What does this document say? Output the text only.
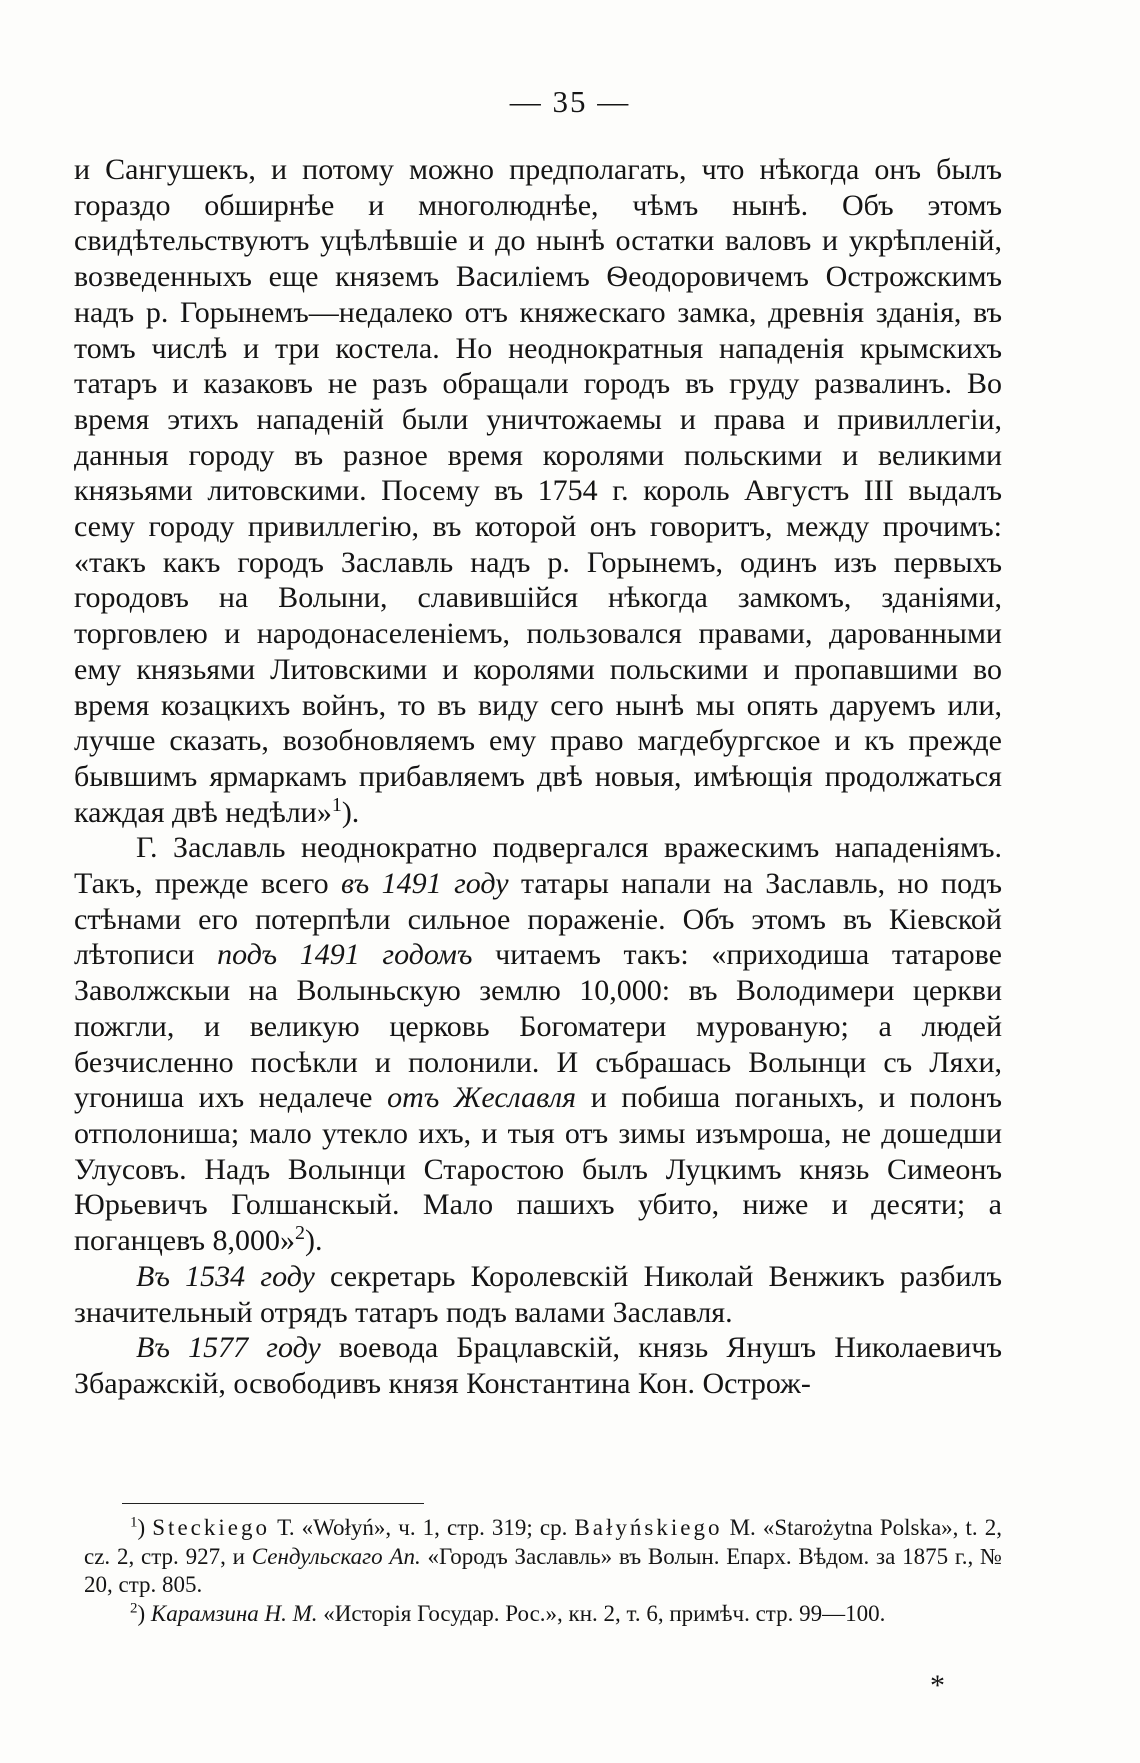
— 35 —

и Сангушекъ, и потому можно предполагать, что нѣкогда онъ былъ гораздо обширнѣе и многолюднѣе, чѣмъ нынѣ. Объ этомъ свидѣтельствуютъ уцѣлѣвшіе и до нынѣ остатки валовъ и укрѣпленій, возведенныхъ еще княземъ Василіемъ Ѳеодоровичемъ Острожскимъ надъ р. Горынемъ—недалеко отъ княжескаго замка, древнія зданія, въ томъ числѣ и три костела. Но неоднократныя нападенія крымскихъ татаръ и казаковъ не разъ обращали городъ въ груду развалинъ. Во время этихъ нападеній были уничтожаемы и права и привиллегіи, данныя городу въ разное время королями польскими и великими князьями литовскими. Посему въ 1754 г. король Августъ III выдалъ сему городу привиллегію, въ которой онъ говоритъ, между прочимъ: «такъ какъ городъ Заславль надъ р. Горынемъ, одинъ изъ первыхъ городовъ на Волыни, славившійся нѣкогда замкомъ, зданіями, торговлею и народонаселеніемъ, пользовался правами, дарованными ему князьями Литовскими и королями польскими и пропавшими во время козацкихъ войнъ, то въ виду сего нынѣ мы опять даруемъ или, лучше сказать, возобновляемъ ему право магдебургское и къ прежде бывшимъ ярмаркамъ прибавляемъ двѣ новыя, имѣющія продолжаться каждая двѣ недѣли»$^1$).

Г. Заславль неоднократно подвергался вражескимъ нападеніямъ. Такъ, прежде всего въ 1491 году татары напали на Заславль, но подъ стѣнами его потерпѣли сильное пораженіе. Объ этомъ въ Кіевской лѣтописи подъ 1491 годомъ читаемъ такъ: «приходиша татарове Заволжскыи на Волыньскую землю 10,000: въ Володимери церкви пожгли, и великую церковь Богоматери мурованую; а людей безчисленно посѣкли и полонили. И събрашась Волынци съ Ляхи, угониша ихъ недалече отъ Жеславля и побиша поганыхъ, и полонъ отполониша; мало утекло ихъ, и тыя отъ зимы изъмроша, не дошедши Улусовъ. Надъ Волынци Старостою былъ Луцкимъ князь Симеонъ Юрьевичъ Голшанскый. Мало пашихъ убито, ниже и десяти; а поганцевъ 8,000»$^2$).

Въ 1534 году секретарь Королевскій Николай Венжикъ разбилъ значительный отрядъ татаръ подъ валами Заславля.

Въ 1577 году воевода Брацлавскій, князь Янушъ Николаевичъ Збаражскій, освободивъ князя Константина Кон. Острож-

$^1$) Steckiego Т. «Wołyń», ч. 1, стр. 319; ср. Bałyńskiego M. «Starożytna Polska», t. 2, cz. 2, стр. 927, и Сендульскаго Ап. «Городъ Заславль» въ Волын. Епарх. Вѣдом. за 1875 г., № 20, стр. 805.

$^2$) Карамзина Н. М. «Исторія Государ. Рос.», кн. 2, т. 6, примѣч. стр. 99—100.

*
